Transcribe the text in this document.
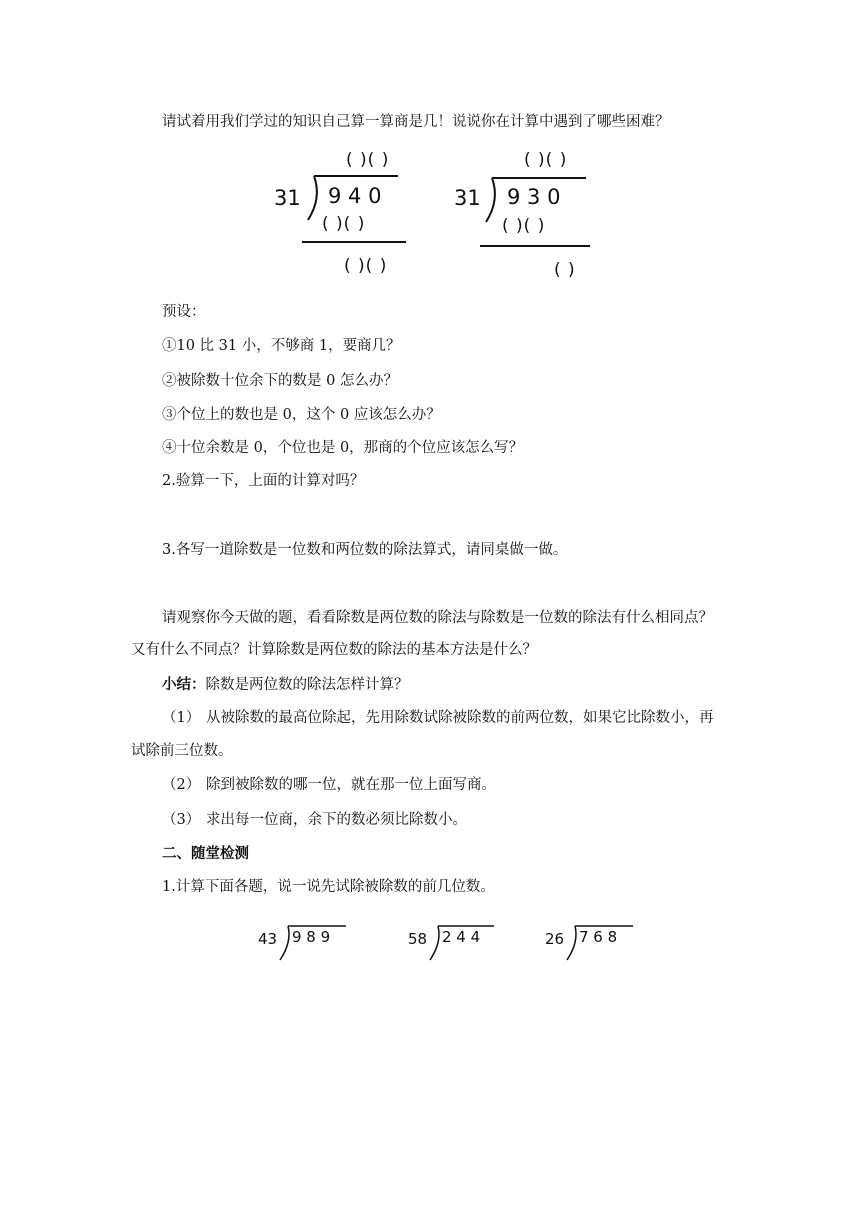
请试着用我们学过的知识自己算一算商是几！说说你在计算中遇到了哪些困难？
( )( )
31 9 4 0
( )( )
( )( )
( )( )
31 9 3 0
( )( )
( )
预设：
①10 比 31 小，不够商 1，要商几？
②被除数十位余下的数是 0 怎么办？
③个位上的数也是 0，这个 0 应该怎么办？
④十位余数是 0，个位也是 0，那商的个位应该怎么写？
2.验算一下，上面的计算对吗？
3.各写一道除数是一位数和两位数的除法算式，请同桌做一做。
请观察你今天做的题，看看除数是两位数的除法与除数是一位数的除法有什么相同点？
又有什么不同点？计算除数是两位数的除法的基本方法是什么？
小结：除数是两位数的除法怎样计算？
（1） 从被除数的最高位除起，先用除数试除被除数的前两位数，如果它比除数小，再
试除前三位数。
（2） 除到被除数的哪一位，就在那一位上面写商。
（3） 求出每一位商，余下的数必须比除数小。
二、随堂检测
1.计算下面各题，说一说先试除被除数的前几位数。
43 9 8 9	58 2 4 4	26 7 6 8
